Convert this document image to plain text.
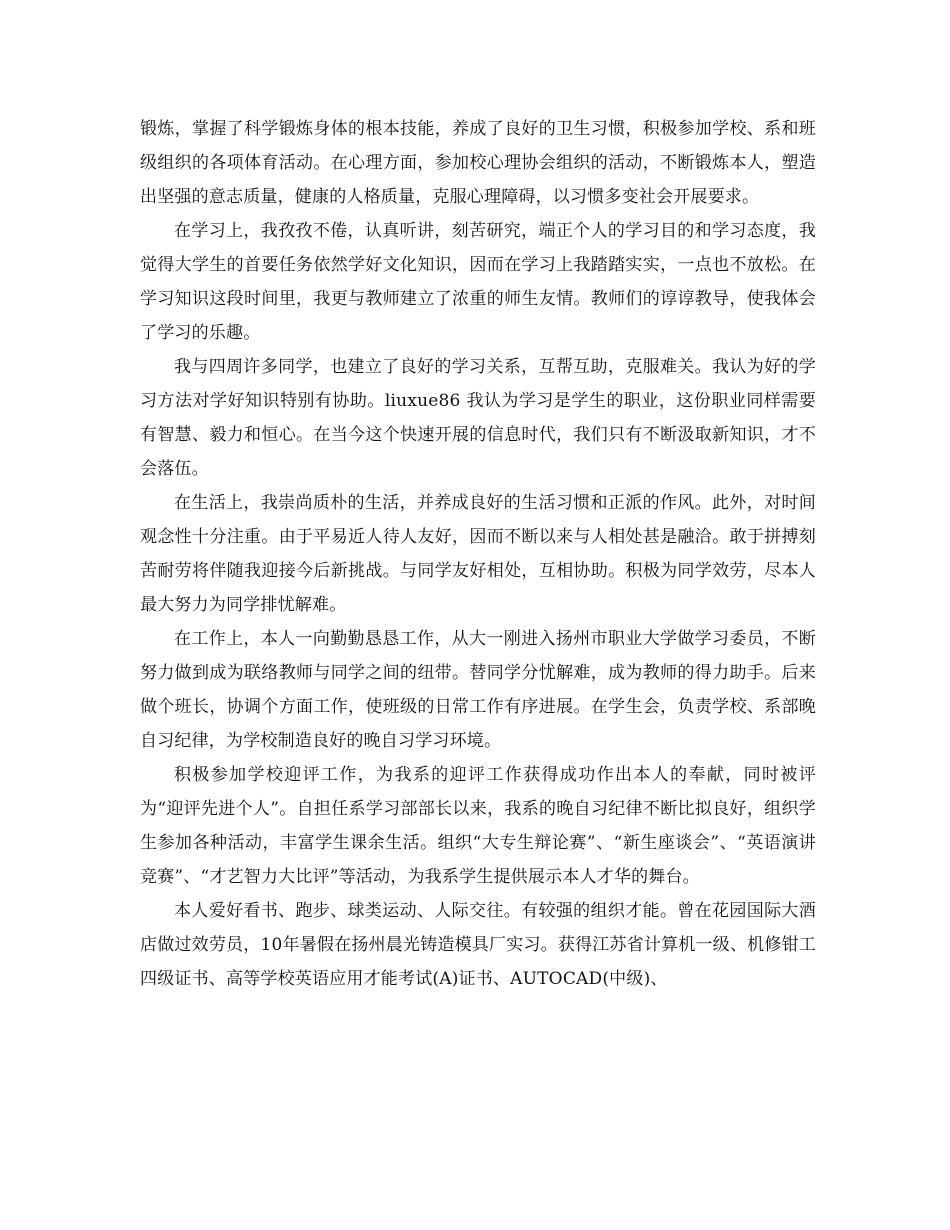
锻炼，掌握了科学锻炼身体的根本技能，养成了良好的卫生习惯，积极参加学校、系和班级组织的各项体育活动。在心理方面，参加校心理协会组织的活动，不断锻炼本人，塑造出坚强的意志质量，健康的人格质量，克服心理障碍，以习惯多变社会开展要求。

在学习上，我孜孜不倦，认真听讲，刻苦研究，端正个人的学习目的和学习态度，我觉得大学生的首要任务依然学好文化知识，因而在学习上我踏踏实实，一点也不放松。在学习知识这段时间里，我更与教师建立了浓重的师生友情。教师们的谆谆教导，使我体会了学习的乐趣。

我与四周许多同学，也建立了良好的学习关系，互帮互助，克服难关。我认为好的学习方法对学好知识特别有协助。liuxue86 我认为学习是学生的职业，这份职业同样需要有智慧、毅力和恒心。在当今这个快速开展的信息时代，我们只有不断汲取新知识，才不会落伍。

在生活上，我崇尚质朴的生活，并养成良好的生活习惯和正派的作风。此外，对时间观念性十分注重。由于平易近人待人友好，因而不断以来与人相处甚是融洽。敢于拼搏刻苦耐劳将伴随我迎接今后新挑战。与同学友好相处，互相协助。积极为同学效劳，尽本人最大努力为同学排忧解难。

在工作上，本人一向勤勤恳恳工作，从大一刚进入扬州市职业大学做学习委员，不断努力做到成为联络教师与同学之间的纽带。替同学分忧解难，成为教师的得力助手。后来做个班长，协调个方面工作，使班级的日常工作有序进展。在学生会，负责学校、系部晚自习纪律，为学校制造良好的晚自习学习环境。

积极参加学校迎评工作，为我系的迎评工作获得成功作出本人的奉献，同时被评为“迎评先进个人”。自担任系学习部部长以来，我系的晚自习纪律不断比拟良好，组织学生参加各种活动，丰富学生课余生活。组织“大专生辩论赛”、“新生座谈会”、“英语演讲竞赛”、“才艺智力大比评”等活动，为我系学生提供展示本人才华的舞台。

本人爱好看书、跑步、球类运动、人际交往。有较强的组织才能。曾在花园国际大酒店做过效劳员，10年暑假在扬州晨光铸造模具厂实习。获得江苏省计算机一级、机修钳工四级证书、高等学校英语应用才能考试(A)证书、AUTOCAD(中级)、
